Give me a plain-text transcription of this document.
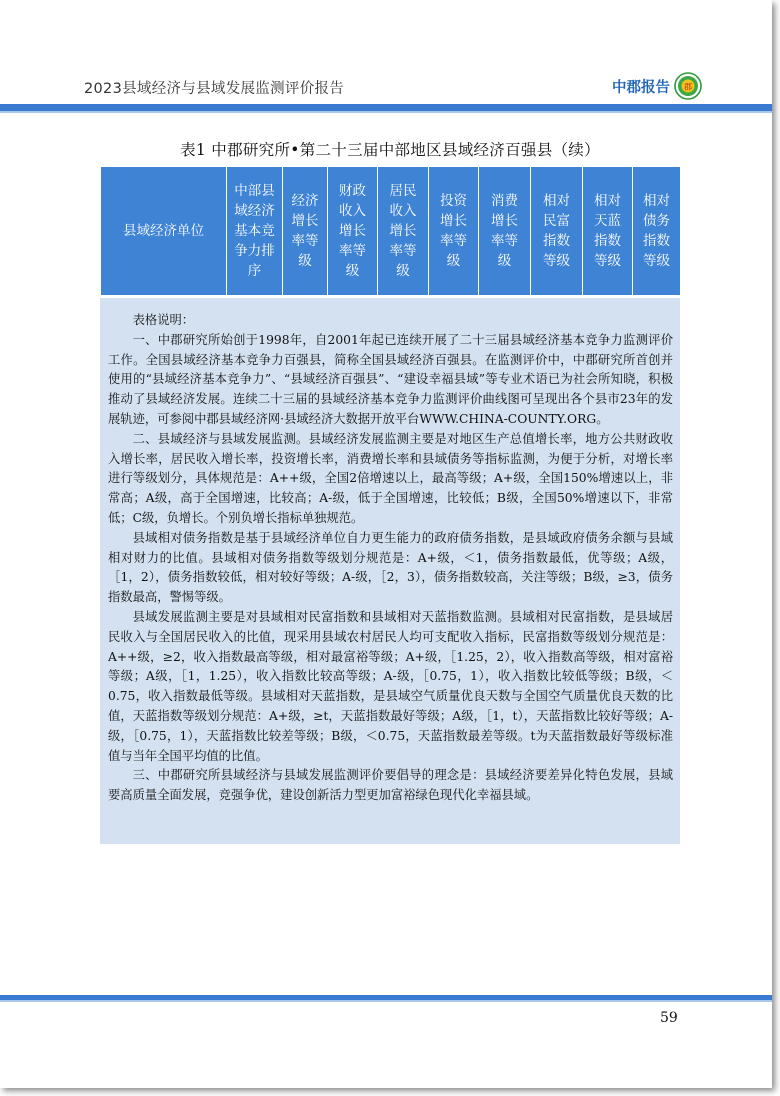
2023县域经济与县域发展监测评价报告	中郡报告 郡
表1 中郡研究所•第二十三届中部地区县域经济百强县（续）
县域经济单位	中部县域经济基本竞争力排序	经济增长率等级	财政收入增长率等级	居民收入增长率等级	投资增长率等级	消费增长率等级	相对民富指数等级	相对天蓝指数等级	相对债务指数等级

表格说明：

一、中郡研究所始创于1998年，自2001年起已连续开展了二十三届县域经济基本竞争力监测评价工作。全国县域经济基本竞争力百强县，简称全国县域经济百强县。在监测评价中，中郡研究所首创并使用的“县域经济基本竞争力”、“县域经济百强县”、“建设幸福县域”等专业术语已为社会所知晓，积极推动了县域经济发展。连续二十三届的县域经济基本竞争力监测评价曲线图可呈现出各个县市23年的发展轨迹，可参阅中郡县域经济网·县域经济大数据开放平台WWW.CHINA-COUNTY.ORG。

二、县域经济与县域发展监测。县域经济发展监测主要是对地区生产总值增长率，地方公共财政收入增长率，居民收入增长率，投资增长率，消费增长率和县域债务等指标监测，为便于分析，对增长率进行等级划分，具体规范是：A++级，全国2倍增速以上，最高等级；A+级，全国150%增速以上，非常高；A级，高于全国增速，比较高；A-级，低于全国增速，比较低；B级，全国50%增速以下，非常低；C级，负增长。个别负增长指标单独规范。

县域相对债务指数是基于县域经济单位自力更生能力的政府债务指数，是县域政府债务余额与县域相对财力的比值。县域相对债务指数等级划分规范是：A+级，＜1，债务指数最低，优等级；A级，［1，2），债务指数较低，相对较好等级；A-级，［2，3），债务指数较高，关注等级；B级，≥3，债务指数最高，警惕等级。

县域发展监测主要是对县域相对民富指数和县域相对天蓝指数监测。县域相对民富指数，是县域居民收入与全国居民收入的比值，现采用县域农村居民人均可支配收入指标，民富指数等级划分规范是：A++级，≥2，收入指数最高等级，相对最富裕等级；A+级，［1.25，2），收入指数高等级，相对富裕等级；A级，［1，1.25），收入指数比较高等级；A-级，［0.75，1），收入指数比较低等级；B级，＜0.75，收入指数最低等级。县域相对天蓝指数，是县域空气质量优良天数与全国空气质量优良天数的比值，天蓝指数等级划分规范：A+级，≥t，天蓝指数最好等级；A级，［1，t），天蓝指数比较好等级；A-级，［0.75，1），天蓝指数比较差等级；B级，＜0.75，天蓝指数最差等级。t为天蓝指数最好等级标准值与当年全国平均值的比值。

三、中郡研究所县域经济与县域发展监测评价要倡导的理念是：县域经济要差异化特色发展，县域要高质量全面发展，竞强争优，建设创新活力型更加富裕绿色现代化幸福县域。

59
